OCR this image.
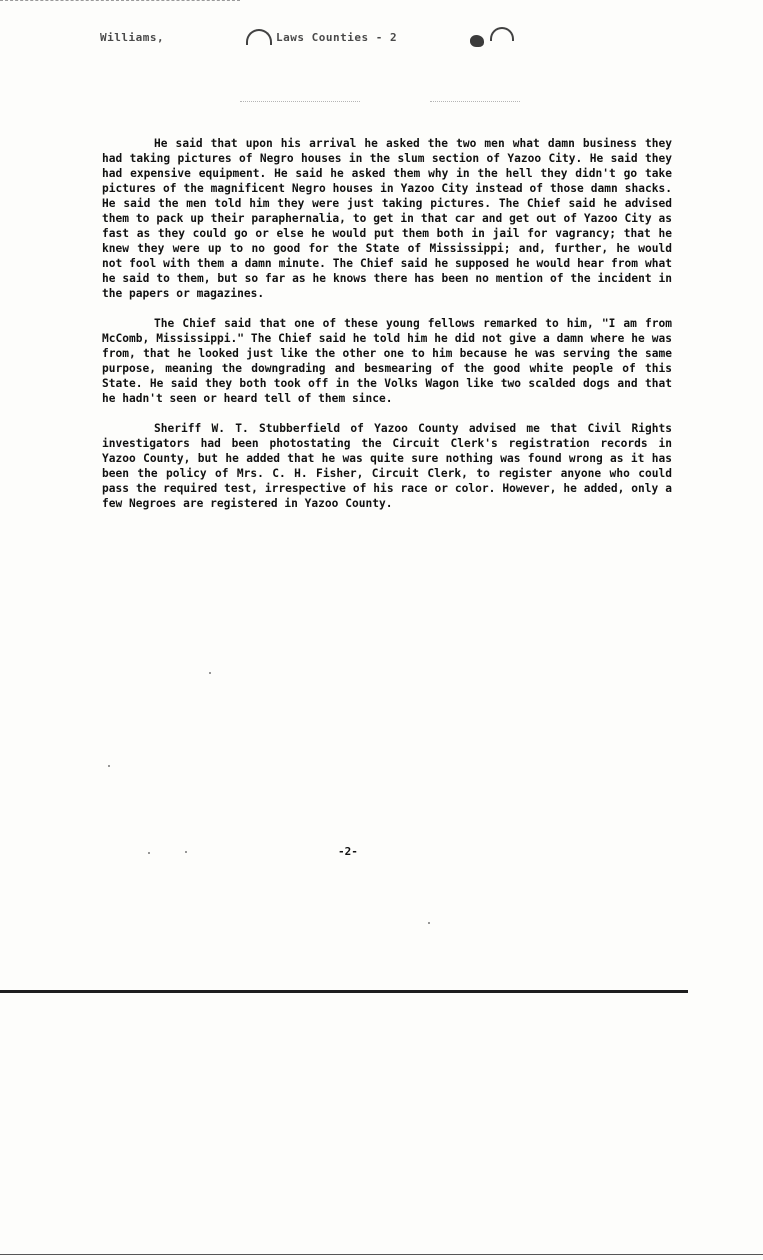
Williams,	Laws Counties - 2

He said that upon his arrival he asked the two men what damn business they had taking pictures of Negro houses in the slum section of Yazoo City. He said they had expensive equipment. He said he asked them why in the hell they didn't go take pictures of the magnificent Negro houses in Yazoo City instead of those damn shacks. He said the men told him they were just taking pictures. The Chief said he advised them to pack up their paraphernalia, to get in that car and get out of Yazoo City as fast as they could go or else he would put them both in jail for vagrancy; that he knew they were up to no good for the State of Mississippi; and, further, he would not fool with them a damn minute. The Chief said he supposed he would hear from what he said to them, but so far as he knows there has been no mention of the incident in the papers or magazines.

The Chief said that one of these young fellows remarked to him, "I am from McComb, Mississippi." The Chief said he told him he did not give a damn where he was from, that he looked just like the other one to him because he was serving the same purpose, meaning the downgrading and besmearing of the good white people of this State. He said they both took off in the Volks Wagon like two scalded dogs and that he hadn't seen or heard tell of them since.

Sheriff W. T. Stubberfield of Yazoo County advised me that Civil Rights investigators had been photostating the Circuit Clerk's registration records in Yazoo County, but he added that he was quite sure nothing was found wrong as it has been the policy of Mrs. C. H. Fisher, Circuit Clerk, to register anyone who could pass the required test, irrespective of his race or color. However, he added, only a few Negroes are registered in Yazoo County.

-2-
